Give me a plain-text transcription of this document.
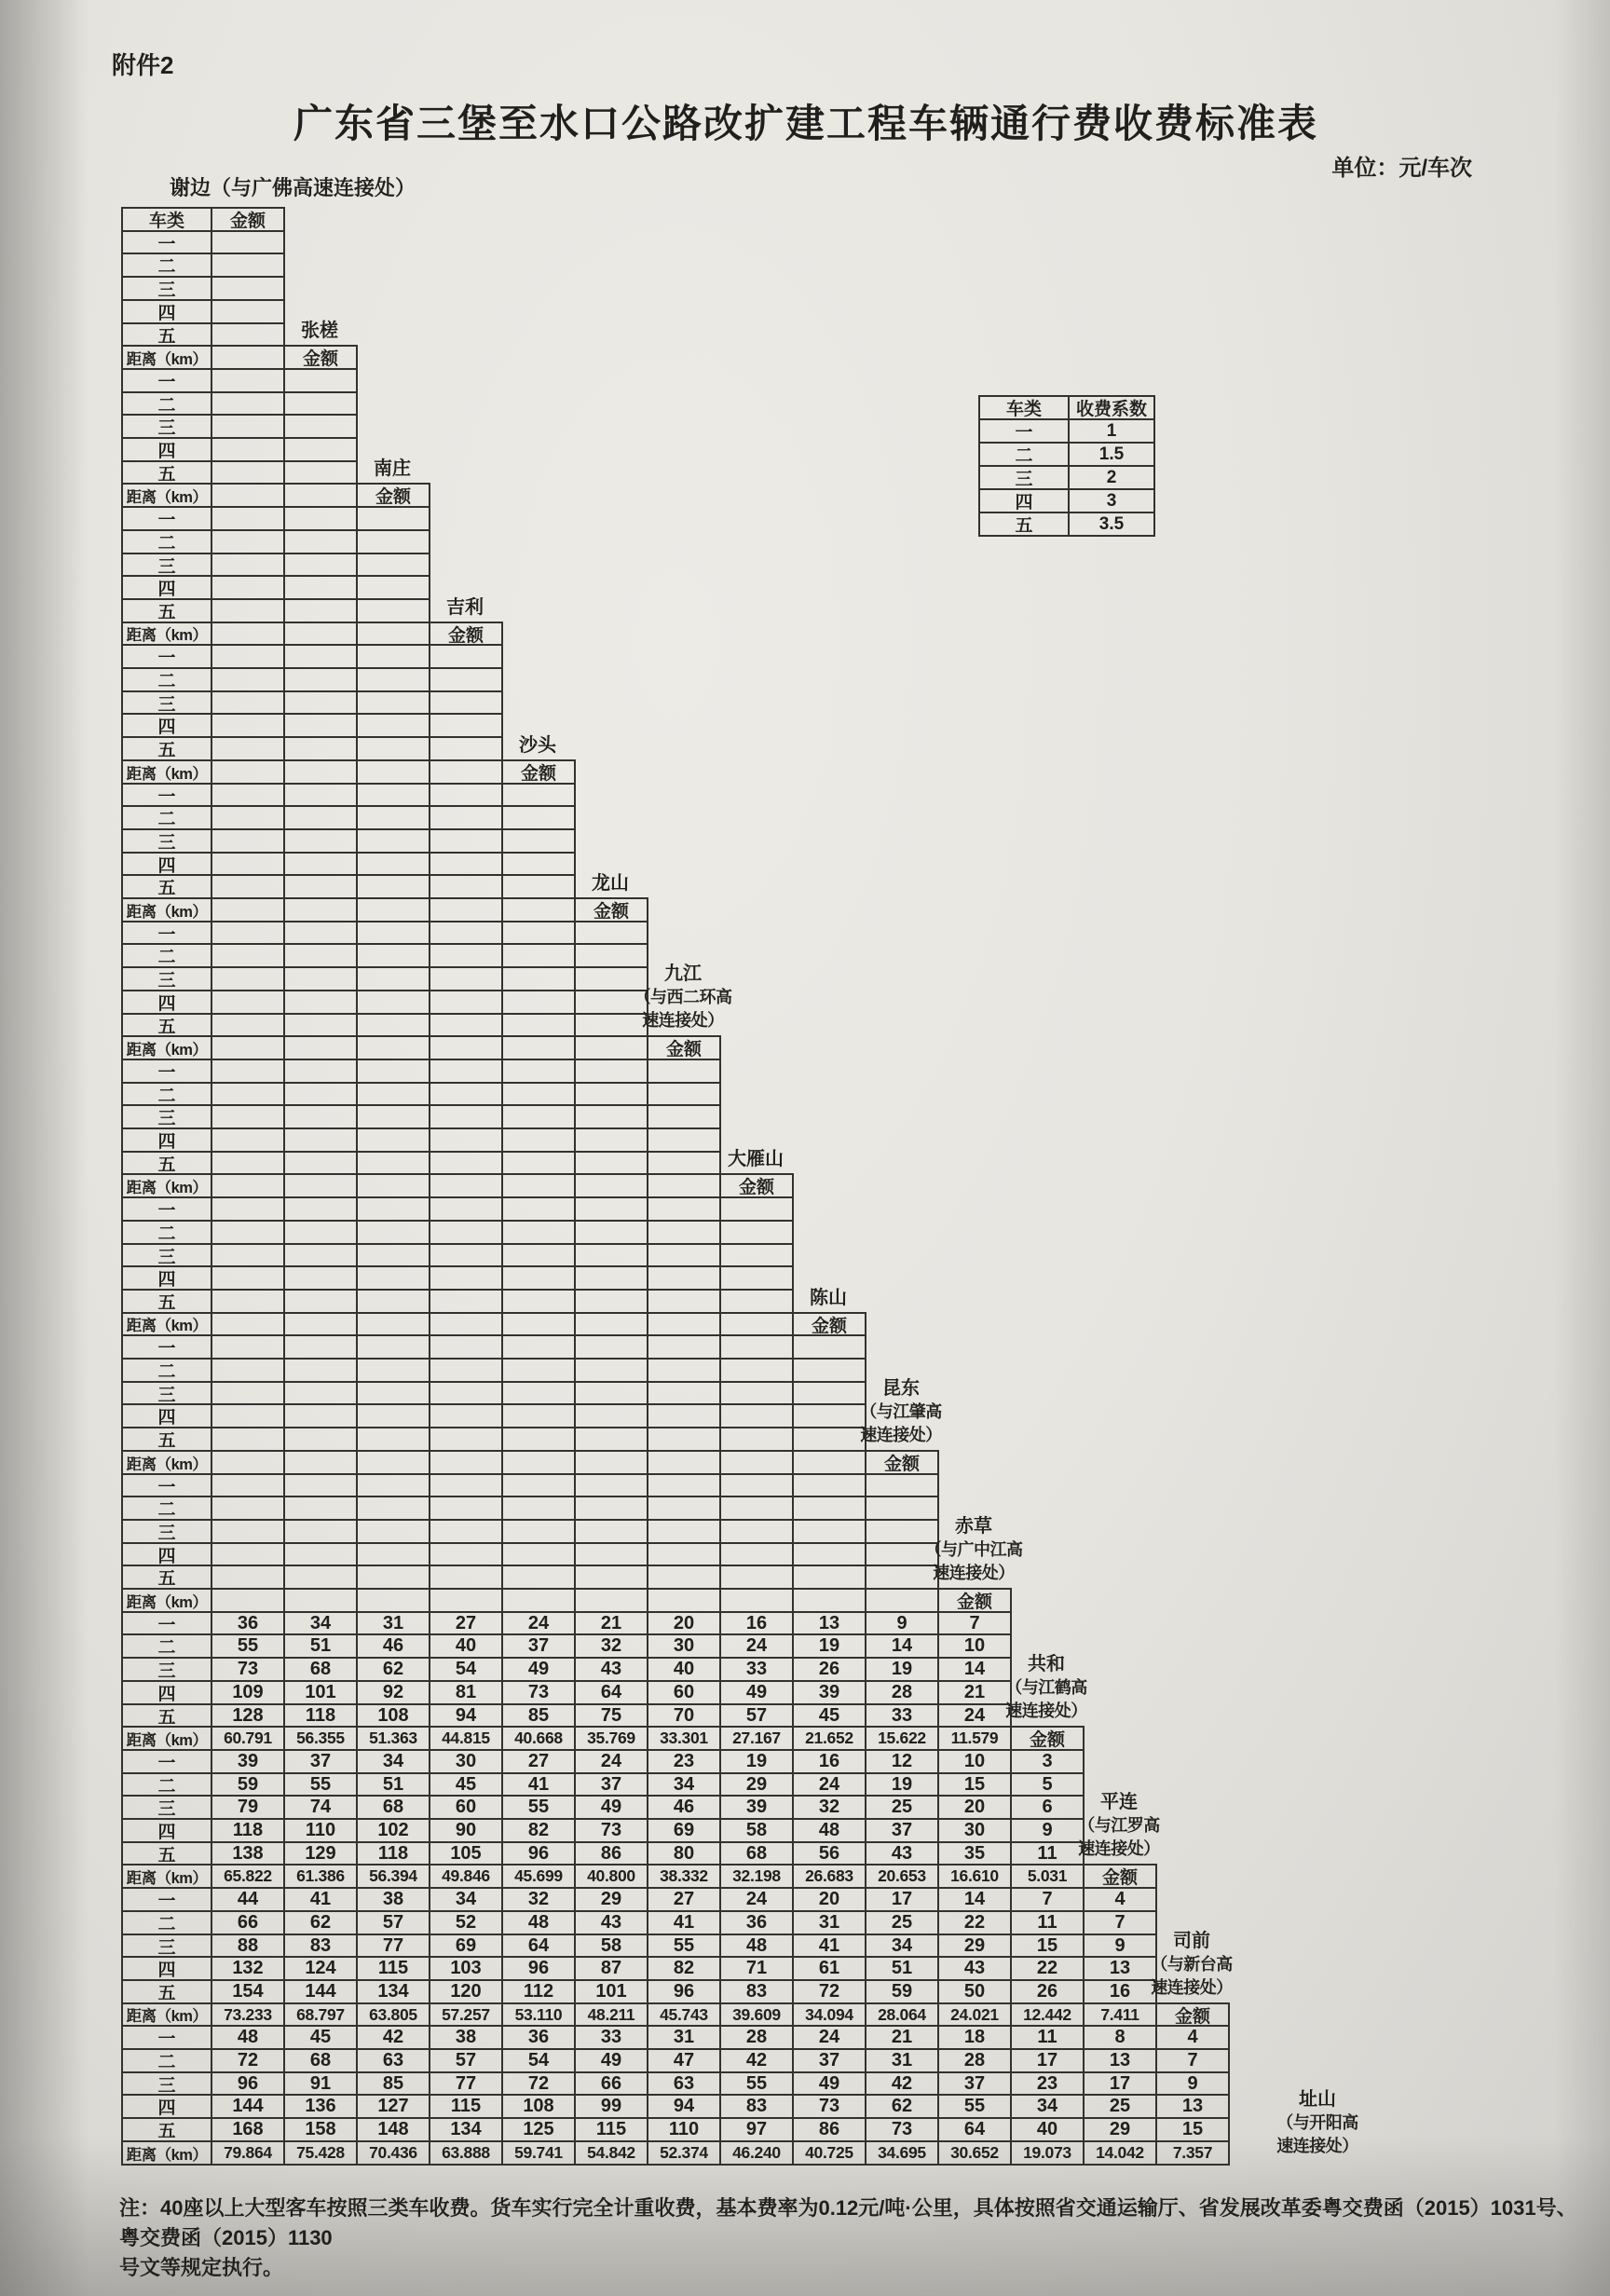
附件2
广东省三堡至水口公路改扩建工程车辆通行费收费标准表
单位：元/车次
车类	金额
一
二
三
四
五
距离（km）	金额
一
二
三
四
五
距离（km）	金额
一
二
三
四
五
距离（km）	金额
一
二
三
四
五
距离（km）	金额
一
二
三
四
五
距离（km）	金额
一
二
三
四
五
距离（km）	金额
一
二
三
四
五
距离（km）	金额
一
二
三
四
五
距离（km）	金额
一
二
三
四
五
距离（km）	金额
一
二
三
四
五
距离（km）	金额
一	36	34	31	27	24	21	20	16	13	9	7
二	55	51	46	40	37	32	30	24	19	14	10
三	73	68	62	54	49	43	40	33	26	19	14
四	109	101	92	81	73	64	60	49	39	28	21
五	128	118	108	94	85	75	70	57	45	33	24
距离（km）	60.791	56.355	51.363	44.815	40.668	35.769	33.301	27.167	21.652	15.622	11.579	金额
一	39	37	34	30	27	24	23	19	16	12	10	3
二	59	55	51	45	41	37	34	29	24	19	15	5
三	79	74	68	60	55	49	46	39	32	25	20	6
四	118	110	102	90	82	73	69	58	48	37	30	9
五	138	129	118	105	96	86	80	68	56	43	35	11
距离（km）	65.822	61.386	56.394	49.846	45.699	40.800	38.332	32.198	26.683	20.653	16.610	5.031	金额
一	44	41	38	34	32	29	27	24	20	17	14	7	4
二	66	62	57	52	48	43	41	36	31	25	22	11	7
三	88	83	77	69	64	58	55	48	41	34	29	15	9
四	132	124	115	103	96	87	82	71	61	51	43	22	13
五	154	144	134	120	112	101	96	83	72	59	50	26	16
距离（km）	73.233	68.797	63.805	57.257	53.110	48.211	45.743	39.609	34.094	28.064	24.021	12.442	7.411	金额
一	48	45	42	38	36	33	31	28	24	21	18	11	8	4
二	72	68	63	57	54	49	47	42	37	31	28	17	13	7
三	96	91	85	77	72	66	63	55	49	42	37	23	17	9
四	144	136	127	115	108	99	94	83	73	62	55	34	25	13
五	168	158	148	134	125	115	110	97	86	73	64	40	29	15
距离（km）	79.864	75.428	70.436	63.888	59.741	54.842	52.374	46.240	40.725	34.695	30.652	19.073	14.042	7.357
谢边（与广佛高速连接处）
张槎
南庄
吉利
沙头
龙山
九江
（与西二环高
速连接处）
大雁山
陈山
昆东
（与江肇高
速连接处）
赤草
（与广中江高
速连接处）
共和
（与江鹤高
速连接处）
平连
（与江罗高
速连接处）
司前
（与新台高
速连接处）
址山
（与开阳高
速连接处）
车类	收费系数
一	1
二	1.5
三	2
四	3
五	3.5
注：40座以上大型客车按照三类车收费。货车实行完全计重收费，基本费率为0.12元/吨·公里，具体按照省交通运输厅、省发展改革委粤交费函（2015）1031号、粤交费函（2015）1130
号文等规定执行。
